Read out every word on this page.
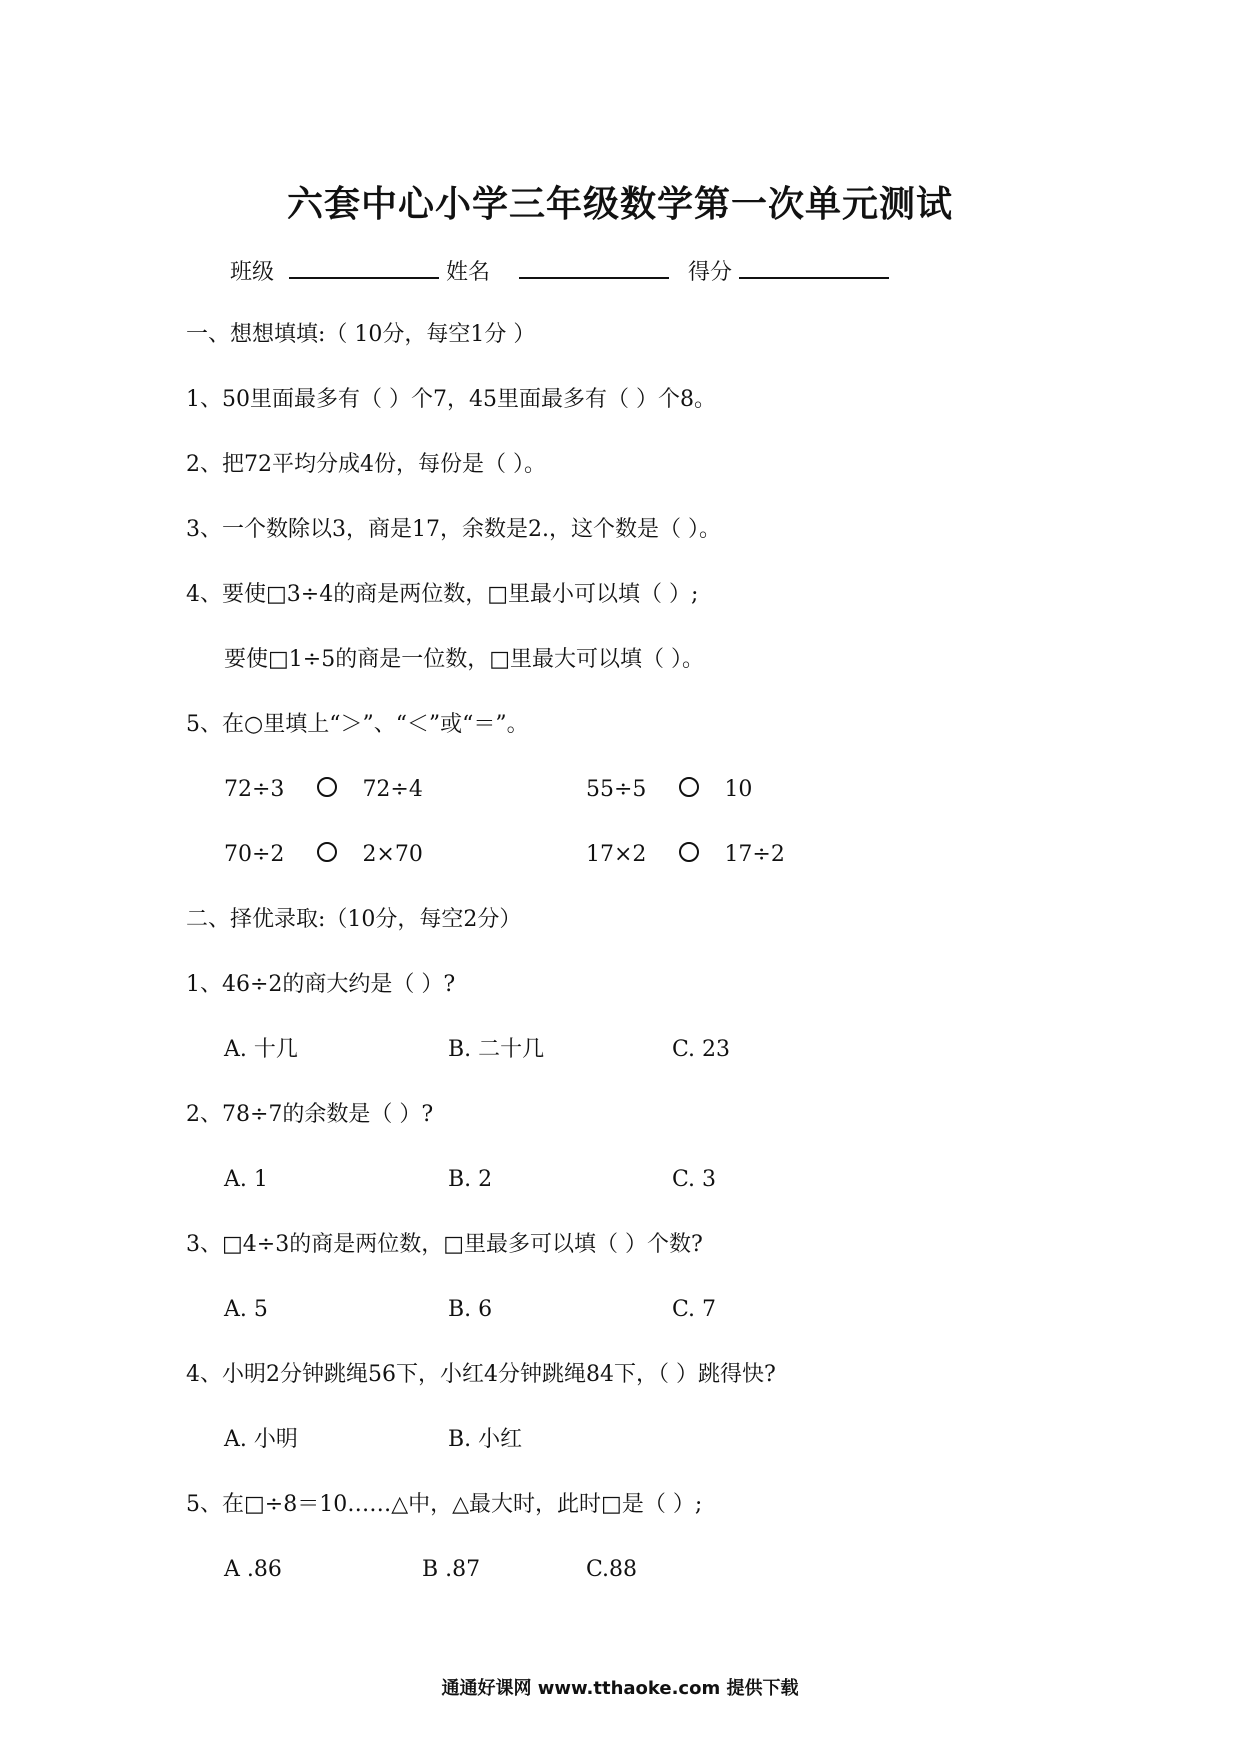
六套中心小学三年级数学第一次单元测试
班级	姓名	得分
一、想想填填:（ 10分，每空1分 ）
1、50里面最多有（ ）个7，45里面最多有（ ）个8。
2、把72平均分成4份，每份是（ ）。
3、一个数除以3，商是17，余数是2.，这个数是（ ）。
4、要使□3÷4的商是两位数，□里最小可以填（ ）;
要使□1÷5的商是一位数，□里最大可以填（ ）。
5、在○里填上“＞”、“＜”或“＝”。
72÷3	72÷4	55÷5	10
70÷2	2×70	17×2	17÷2
二、择优录取:（10分，每空2分）
1、46÷2的商大约是（ ）?
A. 十几	B. 二十几	C. 23
2、78÷7的余数是（ ）?
A. 1	B. 2	C. 3
3、□4÷3的商是两位数，□里最多可以填（ ）个数?
A. 5	B. 6	C. 7
4、小明2分钟跳绳56下，小红4分钟跳绳84下，（ ）跳得快?
A. 小明	B. 小红
5、在□÷8＝10……△中，△最大时，此时□是（ ）;
A .86	B .87	C.88
通通好课网 www.tthaoke.com 提供下载
